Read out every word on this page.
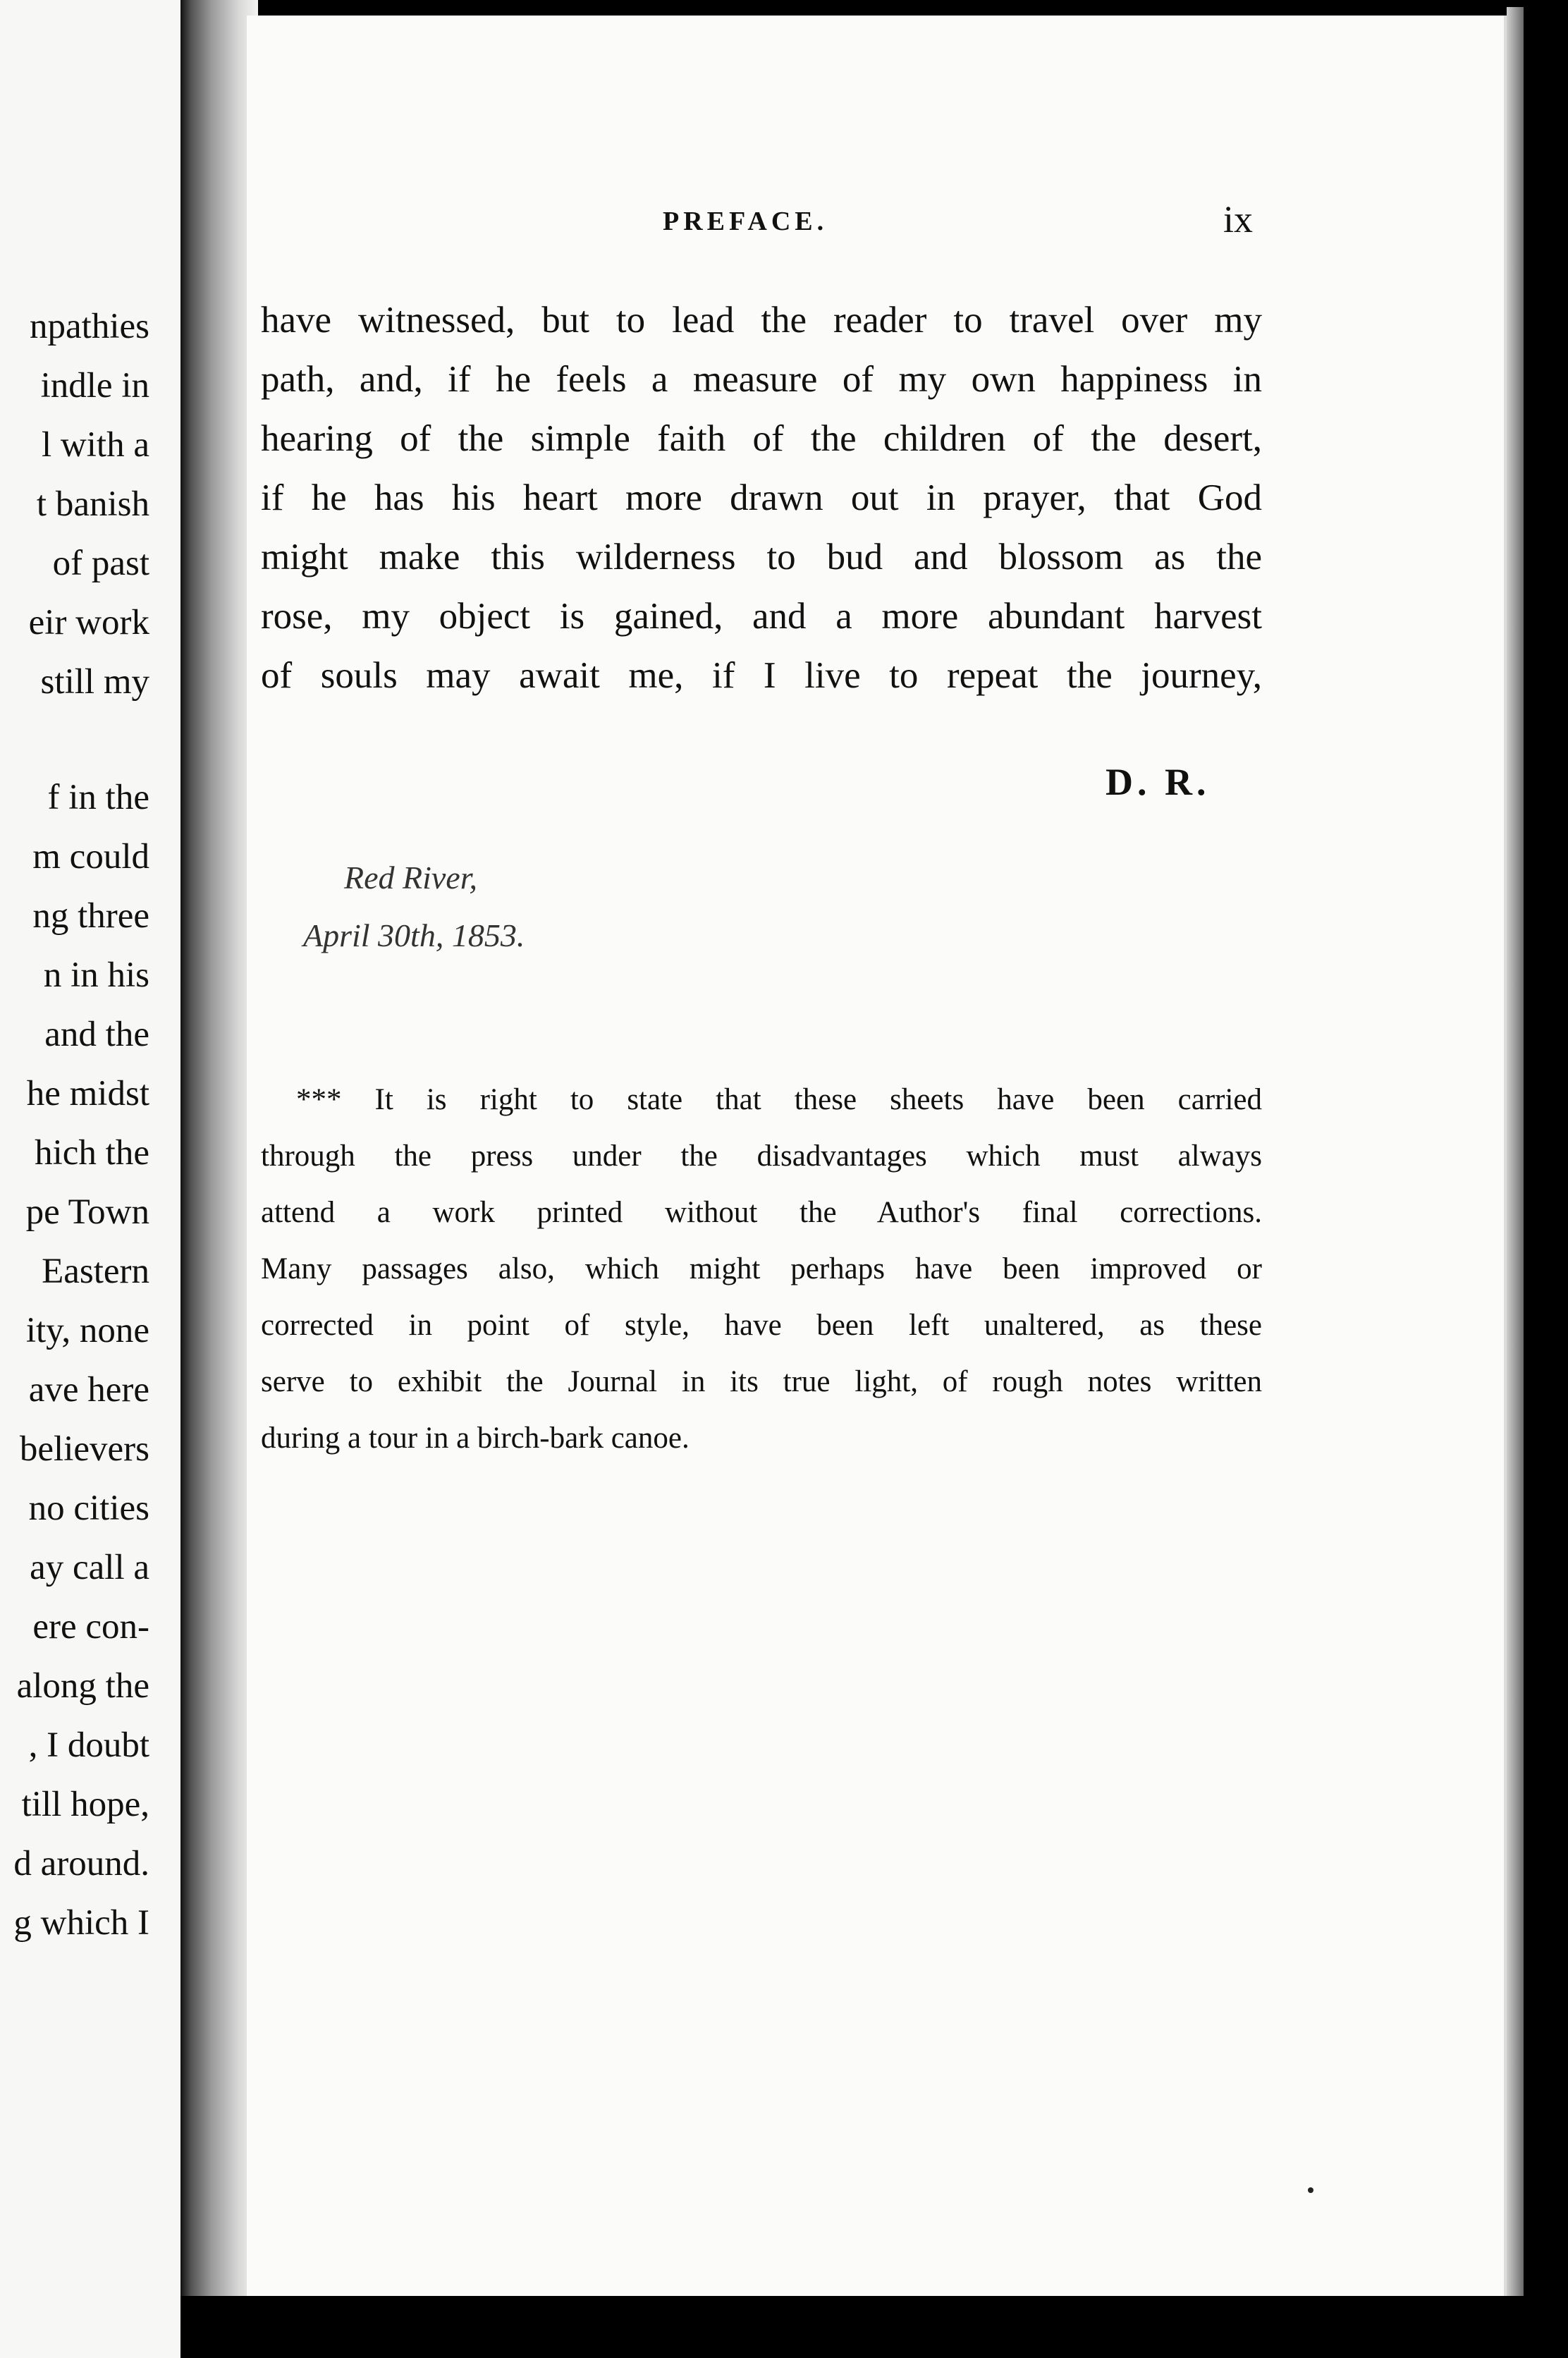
npathies
indle in
l with a
t banish
of past
eir work
still my
f in the
m could
ng three
n in his
and the
he midst
hich the
pe Town
Eastern
ity, none
ave here
believers
no cities
ay call a
ere con-
along the
, I doubt
till hope,
d around.
g which I
PREFACE.	ix
have witnessed, but to lead the reader to travel over my
path, and, if he feels a measure of my own happiness in
hearing of the simple faith of the children of the desert,
if he has his heart more drawn out in prayer, that God
might make this wilderness to bud and blossom as the
rose, my object is gained, and a more abundant harvest
of souls may await me, if I live to repeat the journey,
D. R.
Red River,
April 30th, 1853.
*** It is right to state that these sheets have been carried
through the press under the disadvantages which must always
attend a work printed without the Author's final corrections.
Many passages also, which might perhaps have been improved or
corrected in point of style, have been left unaltered, as these
serve to exhibit the Journal in its true light, of rough notes written
during a tour in a birch-bark canoe.
